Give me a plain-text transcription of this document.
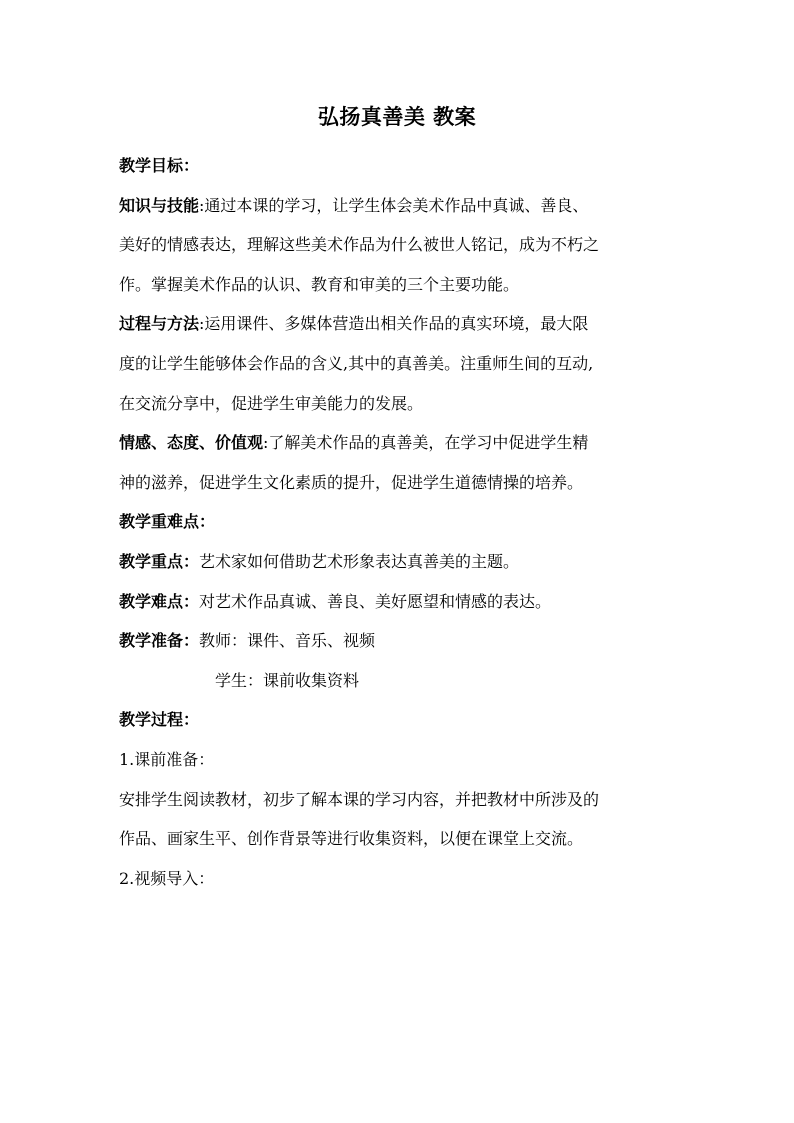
弘扬真善美 教案

教学目标：

知识与技能:通过本课的学习，让学生体会美术作品中真诚、善良、
美好的情感表达，理解这些美术作品为什么被世人铭记，成为不朽之
作。掌握美术作品的认识、教育和审美的三个主要功能。

过程与方法:运用课件、多媒体营造出相关作品的真实环境，最大限
度的让学生能够体会作品的含义,其中的真善美。注重师生间的互动,
在交流分享中，促进学生审美能力的发展。

情感、态度、价值观:了解美术作品的真善美，在学习中促进学生精
神的滋养，促进学生文化素质的提升，促进学生道德情操的培养。

教学重难点：

教学重点：艺术家如何借助艺术形象表达真善美的主题。

教学难点：对艺术作品真诚、善良、美好愿望和情感的表达。

教学准备：教师：课件、音乐、视频

学生：课前收集资料

教学过程：

1.课前准备：

安排学生阅读教材，初步了解本课的学习内容，并把教材中所涉及的
作品、画家生平、创作背景等进行收集资料，以便在课堂上交流。

2.视频导入：
